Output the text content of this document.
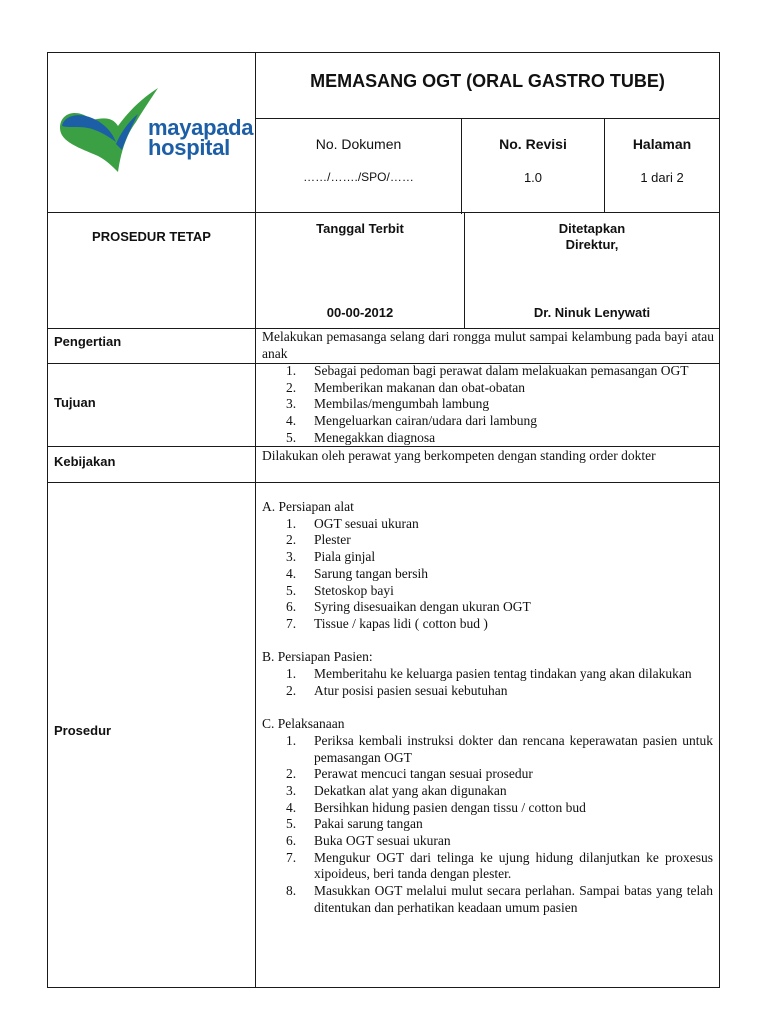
mayapada
hospital
MEMASANG OGT (ORAL GASTRO TUBE)
No. Dokumen
……/……./SPO/……
No. Revisi
1.0
Halaman
1 dari 2
PROSEDUR TETAP
Tanggal Terbit
00-00-2012
Ditetapkan
Direktur,
Dr. Ninuk Lenywati
Pengertian	Melakukan pemasanga selang dari rongga mulut sampai kelambung pada bayi atau anak
Tujuan
1. Sebagai pedoman bagi perawat dalam melakuakan pemasangan OGT
2. Memberikan makanan dan obat-obatan
3. Membilas/mengumbah lambung
4. Mengeluarkan cairan/udara dari lambung
5. Menegakkan diagnosa
Kebijakan	Dilakukan oleh perawat yang berkompeten dengan standing order dokter
Prosedur
A. Persiapan alat
1. OGT sesuai ukuran
2. Plester
3. Piala ginjal
4. Sarung tangan bersih
5. Stetoskop bayi
6. Syring disesuaikan dengan ukuran OGT
7. Tissue / kapas lidi ( cotton bud )
B. Persiapan Pasien:
1. Memberitahu ke keluarga pasien tentag tindakan yang akan dilakukan
2. Atur posisi pasien sesuai kebutuhan
C. Pelaksanaan
1. Periksa kembali instruksi dokter dan rencana keperawatan pasien untuk pemasangan OGT
2. Perawat mencuci tangan sesuai prosedur
3. Dekatkan alat yang akan digunakan
4. Bersihkan hidung pasien dengan tissu / cotton bud
5. Pakai sarung tangan
6. Buka OGT sesuai ukuran
7. Mengukur OGT dari telinga ke ujung hidung dilanjutkan ke proxesus xipoideus, beri tanda dengan plester.
8. Masukkan OGT melalui mulut secara perlahan. Sampai batas yang telah ditentukan dan perhatikan keadaan umum pasien
